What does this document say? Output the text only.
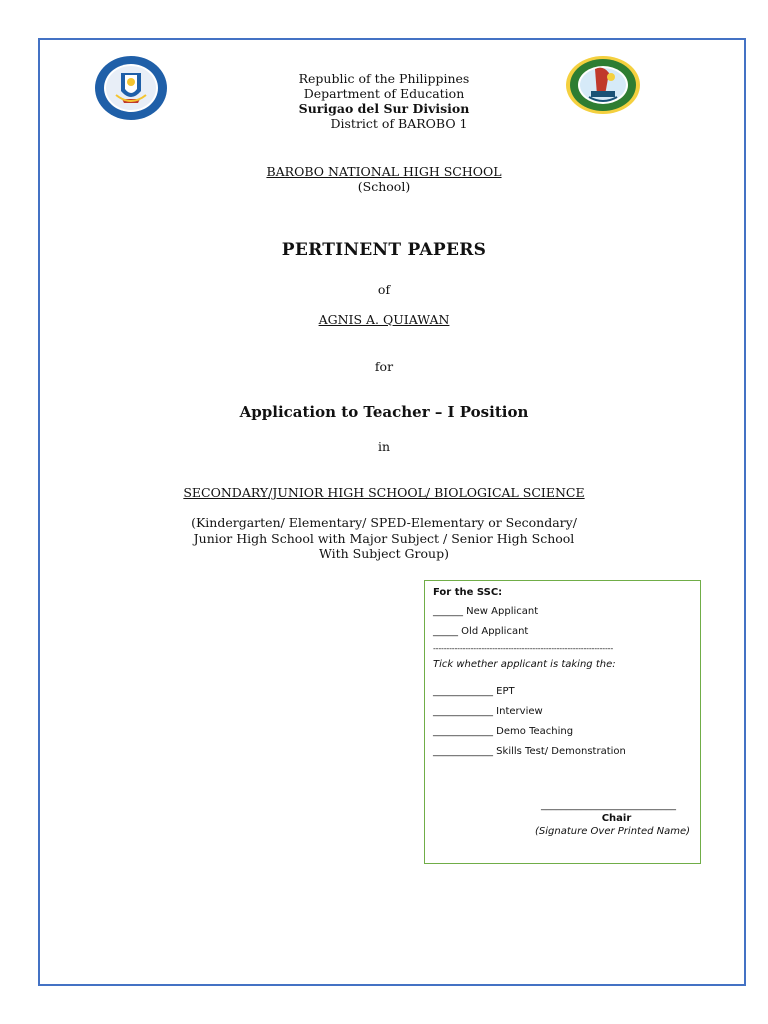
Republic of the Philippines
Department of Education
Surigao del Sur Division
District of BAROBO 1
BAROBO NATIONAL HIGH SCHOOL
(School)
PERTINENT PAPERS
of
AGNIS A. QUIAWAN
for
Application to Teacher – I Position
in
SECONDARY/JUNIOR HIGH SCHOOL/ BIOLOGICAL SCIENCE
(Kindergarten/ Elementary/ SPED-Elementary or Secondary/
Junior High School with Major Subject / Senior High School
With Subject Group)
For the SSC:
______ New Applicant
_____ Old Applicant
-------------------------------------------------------------------
Tick whether applicant is taking the:
____________ EPT
____________ Interview
____________ Demo Teaching
____________ Skills Test/ Demonstration
___________________________
Chair
(Signature Over Printed Name)
